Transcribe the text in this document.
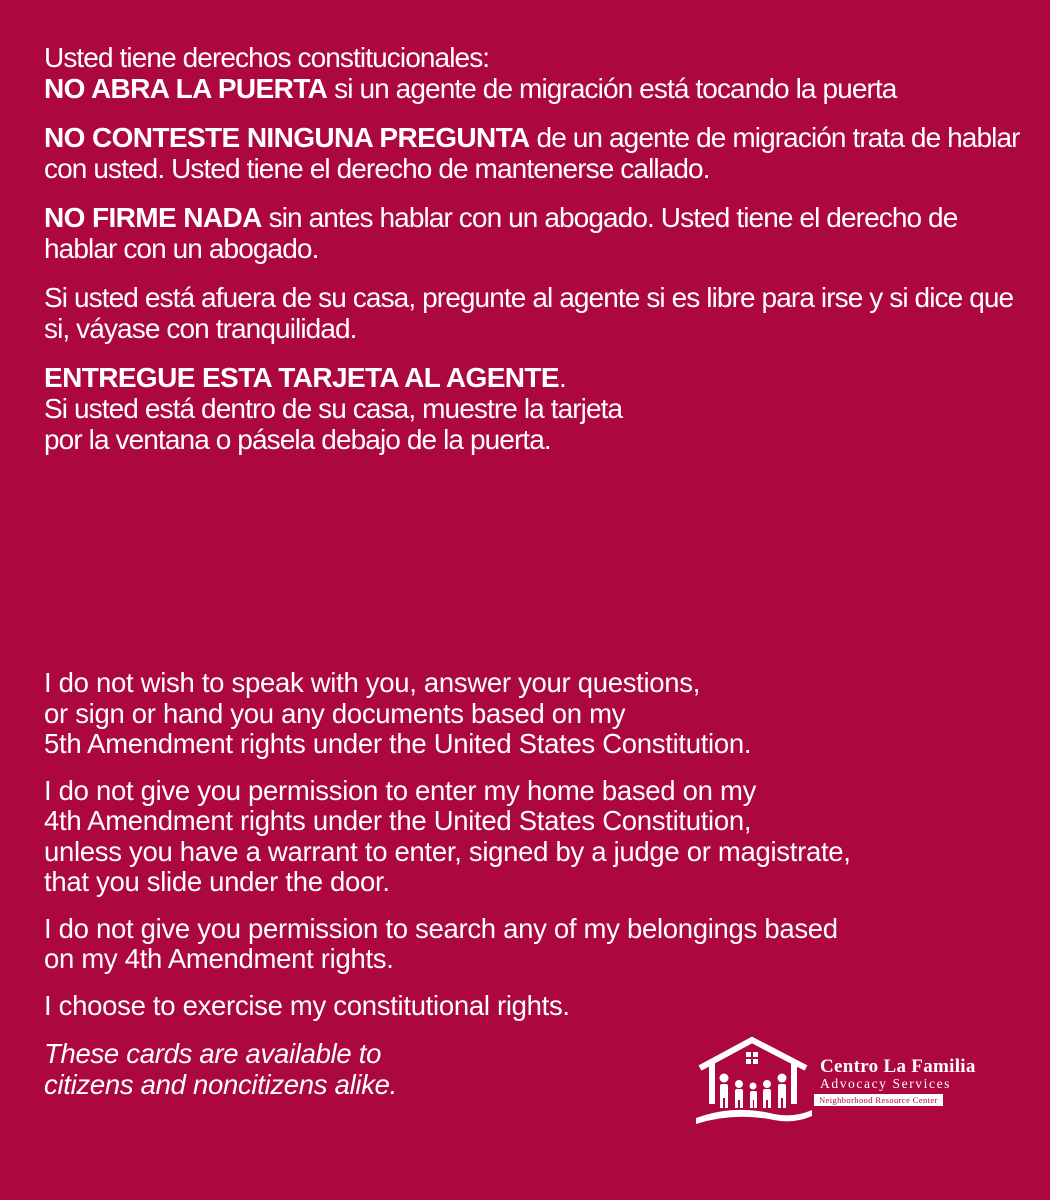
Usted tiene derechos constitucionales:

NO ABRA LA PUERTA si un agente de migración está tocando la puerta

NO CONTESTE NINGUNA PREGUNTA de un agente de migración trata de hablar con usted. Usted tiene el derecho de mantenerse callado.

NO FIRME NADA sin antes hablar con un abogado. Usted tiene el derecho de hablar con un abogado.

Si usted está afuera de su casa, pregunte al agente si es libre para irse y si dice que si, váyase con tranquilidad.

ENTREGUE ESTA TARJETA AL AGENTE.
Si usted está dentro de su casa, muestre la tarjeta
por la ventana o pásela debajo de la puerta.

I do not wish to speak with you, answer your questions,
or sign or hand you any documents based on my
5th Amendment rights under the United States Constitution.

I do not give you permission to enter my home based on my
4th Amendment rights under the United States Constitution,
unless you have a warrant to enter, signed by a judge or magistrate,
that you slide under the door.

I do not give you permission to search any of my belongings based
on my 4th Amendment rights.

I choose to exercise my constitutional rights.

These cards are available to
citizens and noncitizens alike.

Centro La Familia
Advocacy Services
Neighborhood Resource Center
